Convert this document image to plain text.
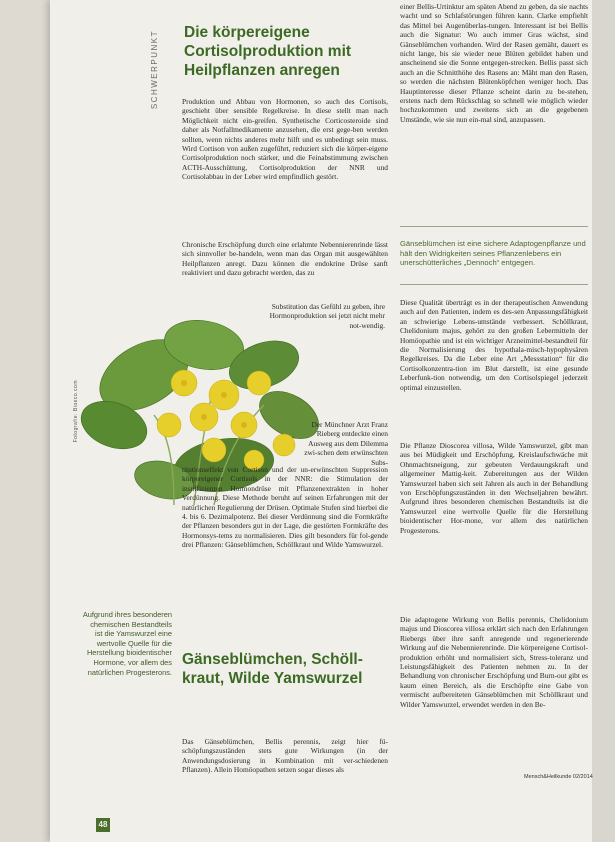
SCHWERPUNKT Die körpereigene Cortisolproduktion mit Heilpflanzen anregen

Produktion und Abbau von Hormonen, so auch des Cortisols, geschieht über sensible Regelkreise. In diese stellt man nach Möglichkeit nicht ein-greifen. Synthetische Corticosteroide sind daher als Notfallmedikamente anzusehen, die erst gege-ben werden sollten, wenn nichts anderes mehr hilft und es unbedingt sein muss. Wird Cortison von außen zugeführt, reduziert sich die körper-eigene Cortisolproduktion noch stärker, und die Feinabstimmung zwischen ACTH-Ausschüttung, Cortisolproduktion der NNR und Cortisolabbau in der Leber wird empfindlich gestört.

Chronische Erschöpfung durch eine erlahmte Nebennierenrinde lässt sich sinnvoller be-handeln, wenn man das Organ mit ausgewählten Heilpflanzen anregt. Dazu können die endokrine Drüse sanft reaktiviert und dazu gebracht werden, das zu

Substitution das Gefühl zu geben, ihre Hormonproduktion sei jetzt nicht mehr not-wendig.

Fotografie: Bioeco.com	Der Münchner Arzt Franz Rieberg entdeckte einen Ausweg aus dem Dilemma zwi-schen dem erwünschten Subs-

titutionseffekt von Cortison und der un-erwünschten Suppression körpereigener Cortisols in der NNR: die Stimulation der insuffizienten Hormondrüse mit Pflanzenextrakten in hoher Verdünnung. Diese Methode beruht auf seinen Erfahrungen mit der natürlichen Regulierung der Drüsen. Optimale Stufen sind hierbei die 4. bis 6. Dezimalpotenz. Bei dieser Verdünnung sind die Formkräfte der Pflanzen besonders gut in der Lage, die gestörten Formkräfte des Hormonsys-tems zu normalisieren. Dies gilt besonders für fol-gende drei Pflanzen: Gänseblümchen, Schöllkraut und Wilde Yamswurzel.

Gänseblümchen, Schöll-kraut, Wilde Yamswurzel

Das Gänseblümchen, Bellis perennis, zeigt hier fü-schöpfungszuständen stets gute Wirkungen (in der Anwendungsdosierung in Kombination mit ver-schiedenen Pflanzen). Allein Homöopathen setzen sogar dieses als

einer Bellis-Urtinktur am späten Abend zu geben, da sie nachts wacht und so Schlafstörungen führen kann. Clarke empfiehlt das Mittel bei Augenüberlas-tungen. Interessant ist bei Bellis auch die Signatur: Wo auch immer Gras wächst, sind Gänseblümchen vorhanden. Wird der Rasen gemäht, dauert es nicht lange, bis sie wieder neue Blüten gebildet haben und anscheinend sie die Sonne entgegen-strecken. Bellis passt sich auch an die Schnitthöhe des Rasens an: Mäht man den Rasen, so werden die nächsten Blütenköpfchen weniger hoch. Das Hauptinteresse dieser Pflanze scheint darin zu be-stehen, erstens nach dem Rückschlag so schnell wie möglich wieder hochzukommen und zweitens sich an die gegebenen Umstände, wie sie nun ein-mal sind, anzupassen.

Gänseblümchen ist eine sichere Adaptogenpflanze und hält den Widrigkeiten seines Pflanzenlebens ein unerschütterliches „Dennoch“ entgegen.

Diese Qualität überträgt es in der therapeutischen Anwendung auch auf den Patienten, indem es des-sen Anpassungsfähigkeit an schwierige Lebens-umstände verbessert. Schöllkraut, Chelidonium majus, gehört zu den großen Lebermitteln der Homöopathie und ist ein wichtiger Arzneimittel-bestandteil für die Normalisierung des hypothala-misch-hypophysären Regelkreises. Da die Leber eine Art „Messstation“ für die Cortisolkonzentra-tion im Blut darstellt, ist eine gesunde Leberfunk-tion notwendig, um den Cortisolspiegel jederzeit optimal einzustellen.

Die Pflanze Dioscorea villosa, Wilde Yamswurzel, gibt man aus bei Müdigkeit und Erschöpfung, Kreislaufschwäche mit Ohnmachtsneigung, zur gebeuten Verdauungskraft und allgemeiner Mattig-keit. Zubereitungen aus der Wilden Yamswurzel haben sich seit Jahren als auch in der Behandlung von Erschöpfungszuständen in den Wechseljahren bewährt. Aufgrund ihres besonderen chemischen Bestandteils ist die Yamswurzel eine wertvolle Quelle für die Herstellung bioidentischer Hor-mone, vor allem des natürlichen Progesterons.

Die adaptogene Wirkung von Bellis perennis, Chelidonium majus und Dioscorea villosa erklärt sich nach den Erfahrungen Riebergs über ihre sanft anregende und regenerierende Wirkung auf die Nebennierenrinde. Die körpereigene Cortisol-produktion erhöht und normalisiert sich, Stress-toleranz und Leistungsfähigkeit des Patienten nehmen zu. In der Behandlung von chronischer Erschöpfung und Burn-out gibt es kaum einen Bereich, als die Erschöpfte eine Gabe von vermischt aufbereiteten Gänseblümchen mit Schöllkraut und Wilder Yamswurzel, erwendet werden in den Be-

Aufgrund ihres besonderen chemischen Bestandteils ist die Yamswurzel eine wertvolle Quelle für die Herstellung bioidentischer Hormone, vor allem des natürlichen Progesterons.

48
Mensch&Heilkunde 02/2014
